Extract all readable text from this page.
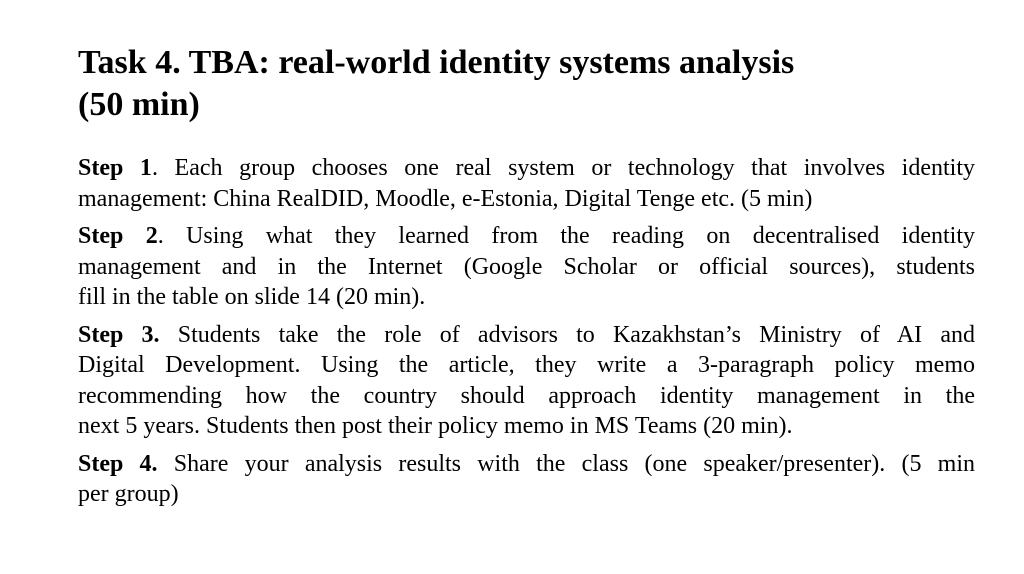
Task 4. TBA: real-world identity systems analysis
(50 min)

Step 1. Each group chooses one real system or technology that involves identity
management: China RealDID, Moodle, e-Estonia, Digital Tenge etc. (5 min)

Step 2. Using what they learned from the reading on decentralised identity
management and in the Internet (Google Scholar or official sources), students
fill in the table on slide 14 (20 min).

Step 3. Students take the role of advisors to Kazakhstan’s Ministry of AI and
Digital Development. Using the article, they write a 3-paragraph policy memo
recommending how the country should approach identity management in the
next 5 years. Students then post their policy memo in MS Teams (20 min).

Step 4. Share your analysis results with the class (one speaker/presenter). (5 min
per group)
